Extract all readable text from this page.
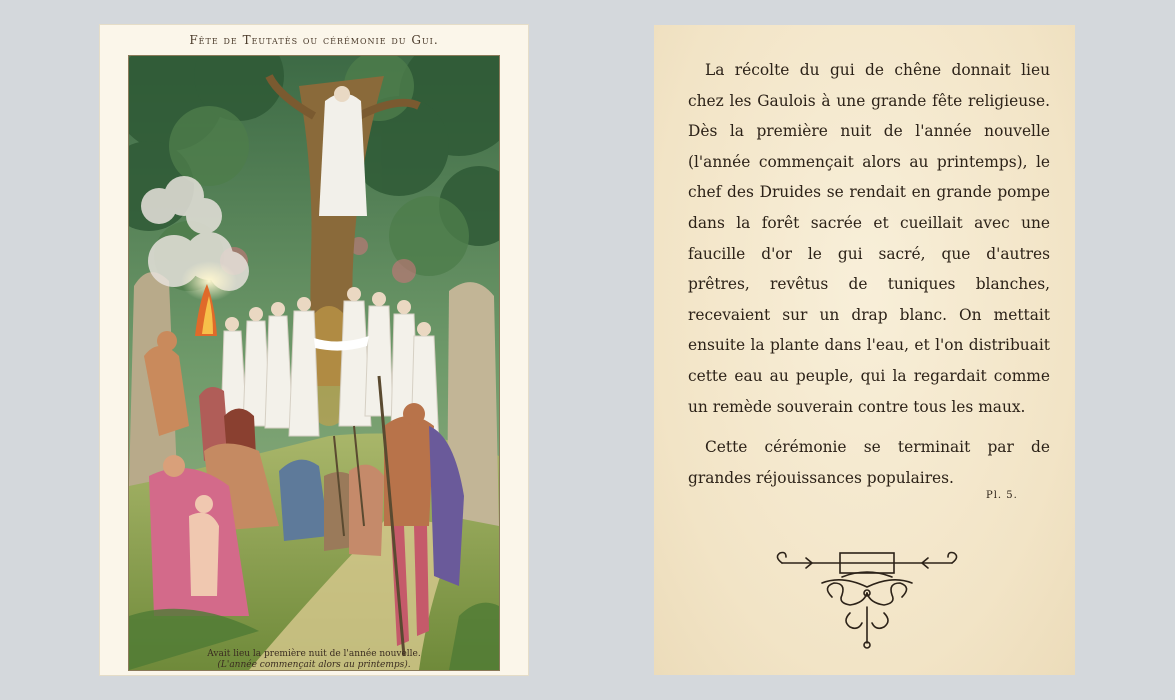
Fête de Teutatès ou cérémonie du Gui.
Avait lieu la première nuit de l'année nouvelle.
(L'année commençait alors au printemps).

La récolte du gui de chêne donnait lieu chez les Gaulois à une grande fête religieuse. Dès la première nuit de l'année nouvelle (l'année commençait alors au printemps), le chef des Druides se rendait en grande pompe dans la forêt sacrée et cueillait avec une faucille d'or le gui sacré, que d'autres prêtres, revêtus de tuniques blanches, recevaient sur un drap blanc. On mettait ensuite la plante dans l'eau, et l'on distribuait cette eau au peuple, qui la regardait comme un remède souverain contre tous les maux.

Cette cérémonie se terminait par de grandes réjouissances populaires.

Pl. 5.
